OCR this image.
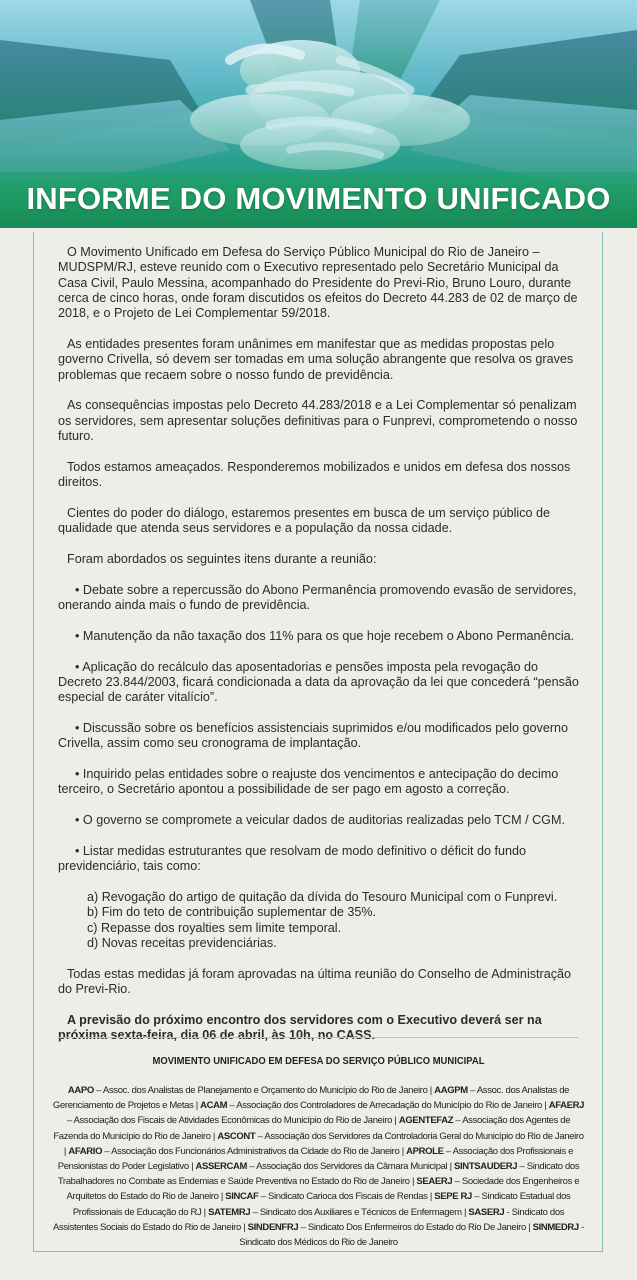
INFORME DO MOVIMENTO UNIFICADO

O Movimento Unificado em Defesa do Serviço Público Municipal do Rio de Janeiro – MUDSPM/RJ, esteve reunido com o Executivo representado pelo Secretário Municipal da Casa Civil, Paulo Messina, acompanhado do Presidente do Previ-Rio, Bruno Louro, durante cerca de cinco horas, onde foram discutidos os efeitos do Decreto 44.283 de 02 de março de 2018, e o Projeto de Lei Complementar 59/2018.

As entidades presentes foram unânimes em manifestar que as medidas propostas pelo governo Crivella, só devem ser tomadas em uma solução abrangente que resolva os graves problemas que recaem sobre o nosso fundo de previdência.

As consequências impostas pelo Decreto 44.283/2018 e a Lei Complementar só penalizam os servidores, sem apresentar soluções definitivas para o Funprevi, comprometendo o nosso futuro.

Todos estamos ameaçados. Responderemos mobilizados e unidos em defesa dos nossos direitos.

Cientes do poder do diálogo, estaremos presentes em busca de um serviço público de qualidade que atenda seus servidores e a população da nossa cidade.

Foram abordados os seguintes itens durante a reunião:

• Debate sobre a repercussão do Abono Permanência promovendo evasão de servidores, onerando ainda mais o fundo de previdência.

• Manutenção da não taxação dos 11% para os que hoje recebem o Abono Permanência.

• Aplicação do recálculo das aposentadorias e pensões imposta pela revogação do Decreto 23.844/2003, ficará condicionada a data da aprovação da lei que concederá “pensão especial de caráter vitalício”.

• Discussão sobre os benefícios assistenciais suprimidos e/ou modificados pelo governo Crivella, assim como seu cronograma de implantação.

• Inquirido pelas entidades sobre o reajuste dos vencimentos e antecipação do decimo terceiro, o Secretário apontou a possibilidade de ser pago em agosto a correção.

• O governo se compromete a veicular dados de auditorias realizadas pelo TCM / CGM.

• Listar medidas estruturantes que resolvam de modo definitivo o déficit do fundo previdenciário, tais como:

a) Revogação do artigo de quitação da dívida do Tesouro Municipal com o Funprevi.
b) Fim do teto de contribuição suplementar de 35%.
c) Repasse dos royalties sem limite temporal.
d) Novas receitas previdenciárias.

Todas estas medidas já foram aprovadas na última reunião do Conselho de Administração do Previ-Rio.

A previsão do próximo encontro dos servidores com o Executivo deverá ser na próxima sexta-feira, dia 06 de abril, às 10h, no CASS.

MOVIMENTO UNIFICADO EM DEFESA DO SERVIÇO PÚBLICO MUNICIPAL
AAPO – Assoc. dos Analistas de Planejamento e Orçamento do Município do Rio de Janeiro | AAGPM – Assoc. dos Analistas de Gerenciamento de Projetos e Metas | ACAM – Associação dos Controladores de Arrecadação do Município do Rio de Janeiro | AFAERJ – Associação dos Fiscais de Atividades Econômicas do Município do Rio de Janeiro | AGENTEFAZ – Associação dos Agentes de Fazenda do Município do Rio de Janeiro | ASCONT – Associação dos Servidores da Controladoria Geral do Município do Rio de Janeiro | AFARIO – Associação dos Funcionários Administrativos da Cidade do Rio de Janeiro | APROLE – Associação dos Profissionais e Pensionistas do Poder Legislativo | ASSERCAM – Associação dos Servidores da Câmara Municipal | SINTSAUDERJ – Sindicato dos Trabalhadores no Combate as Endemias e Saúde Preventiva no Estado do Rio de Janeiro | SEAERJ – Sociedade dos Engenheiros e Arquitetos do Estado do Rio de Janeiro | SINCAF – Sindicato Carioca dos Fiscais de Rendas | SEPE RJ – Sindicato Estadual dos Profissionais de Educação do RJ | SATEMRJ – Sindicato dos Auxiliares e Técnicos de Enfermagem | SASERJ - Sindicato dos Assistentes Sociais do Estado do Rio de Janeiro | SINDENFRJ – Sindicato Dos Enfermeiros do Estado do Rio De Janeiro | SINMEDRJ - Sindicato dos Médicos do Rio de Janeiro
